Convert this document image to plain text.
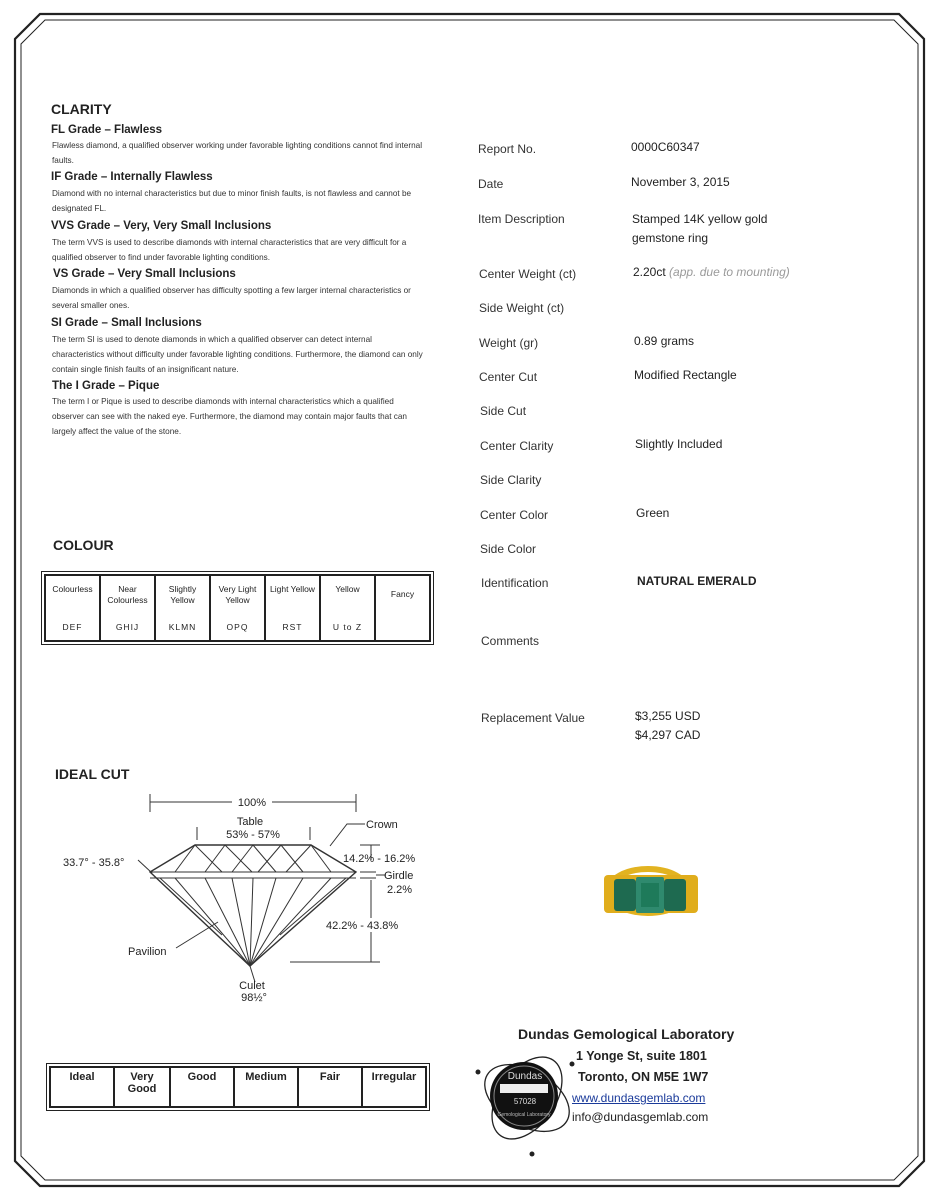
CLARITY
FL Grade – Flawless
Flawless diamond, a qualified observer working under favorable lighting conditions cannot find internal faults.
IF Grade – Internally Flawless
Diamond with no internal characteristics but due to minor finish faults, is not flawless and cannot be designated FL.
VVS Grade – Very, Very Small Inclusions
The term VVS is used to describe diamonds with internal characteristics that are very difficult for a qualified observer to find under favorable lighting conditions.
VS Grade – Very Small Inclusions
Diamonds in which a qualified observer has difficulty spotting a few larger internal characteristics or several smaller ones.
SI Grade – Small Inclusions
The term SI is used to denote diamonds in which a qualified observer can detect internal characteristics without difficulty under favorable lighting conditions. Furthermore, the diamond can only contain single finish faults of an insignificant nature.
The I Grade – Pique
The term I or Pique is used to describe diamonds with internal characteristics which a qualified observer can see with the naked eye. Furthermore, the diamond may contain major faults that can largely affect the value of the stone.
COLOUR
Colourless
DEF

Near Colourless
GHIJ

Slightly Yellow
KLMN

Very Light Yellow
OPQ

Light Yellow
RST

Yellow
U to Z

Fancy
IDEAL CUT
100%
Table
53% - 57%
Crown
33.7° - 35.8°	14.2% - 16.2%
Girdle
2.2%
42.2% - 43.8%
Pavilion
Culet
98½°
Ideal	Very Good	Good	Medium	Fair	Irregular
Report No.	0000C60347
Date	November 3, 2015
Item Description	Stamped 14K yellow gold gemstone ring
Center Weight (ct)	2.20ct (app. due to mounting)
Side Weight (ct)
Weight (gr)	0.89 grams
Center Cut	Modified Rectangle
Side Cut
Center Clarity	Slightly Included
Side Clarity
Center Color	Green
Side Color
Identification	NATURAL EMERALD
Comments
Replacement Value	$3,255 USD
$4,297 CAD
Dundas
57028
Gemological Laboratory
Dundas Gemological Laboratory
1 Yonge St, suite 1801
Toronto, ON M5E 1W7
www.dundasgemlab.com
info@dundasgemlab.com
